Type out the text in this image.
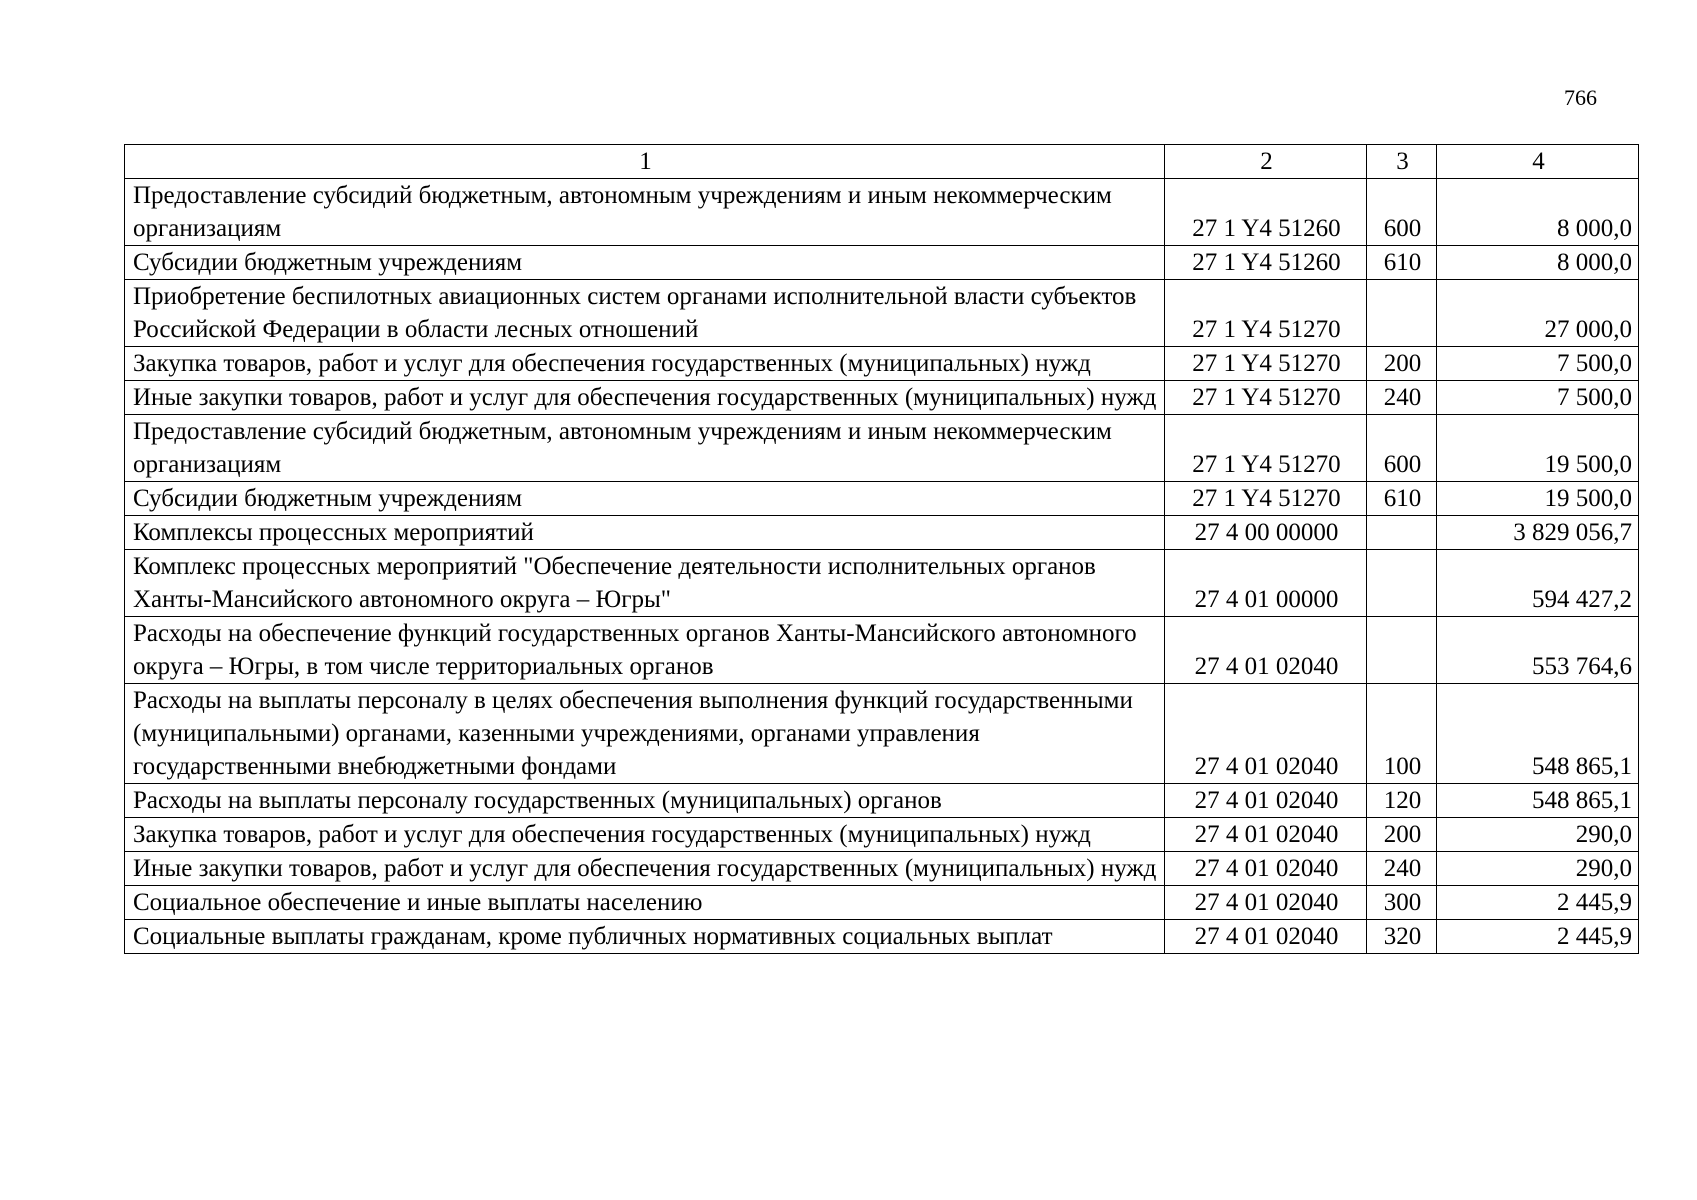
766
1	2	3	4
Предоставление субсидий бюджетным, автономным учреждениям и иным некоммерческим организациям	27 1 Y4 51260	600	8 000,0
Субсидии бюджетным учреждениям	27 1 Y4 51260	610	8 000,0
Приобретение беспилотных авиационных систем органами исполнительной власти субъектов Российской Федерации в области лесных отношений	27 1 Y4 51270		27 000,0
Закупка товаров, работ и услуг для обеспечения государственных (муниципальных) нужд	27 1 Y4 51270	200	7 500,0
Иные закупки товаров, работ и услуг для обеспечения государственных (муниципальных) нужд	27 1 Y4 51270	240	7 500,0
Предоставление субсидий бюджетным, автономным учреждениям и иным некоммерческим организациям	27 1 Y4 51270	600	19 500,0
Субсидии бюджетным учреждениям	27 1 Y4 51270	610	19 500,0
Комплексы процессных мероприятий	27 4 00 00000		3 829 056,7
Комплекс процессных мероприятий "Обеспечение деятельности исполнительных органов Ханты-Мансийского автономного округа – Югры"	27 4 01 00000		594 427,2
Расходы на обеспечение функций государственных органов Ханты-Мансийского автономного округа – Югры, в том числе территориальных органов	27 4 01 02040		553 764,6
Расходы на выплаты персоналу в целях обеспечения выполнения функций государственными (муниципальными) органами, казенными учреждениями, органами управления государственными внебюджетными фондами	27 4 01 02040	100	548 865,1
Расходы на выплаты персоналу государственных (муниципальных) органов	27 4 01 02040	120	548 865,1
Закупка товаров, работ и услуг для обеспечения государственных (муниципальных) нужд	27 4 01 02040	200	290,0
Иные закупки товаров, работ и услуг для обеспечения государственных (муниципальных) нужд	27 4 01 02040	240	290,0
Социальное обеспечение и иные выплаты населению	27 4 01 02040	300	2 445,9
Социальные выплаты гражданам, кроме публичных нормативных социальных выплат	27 4 01 02040	320	2 445,9
